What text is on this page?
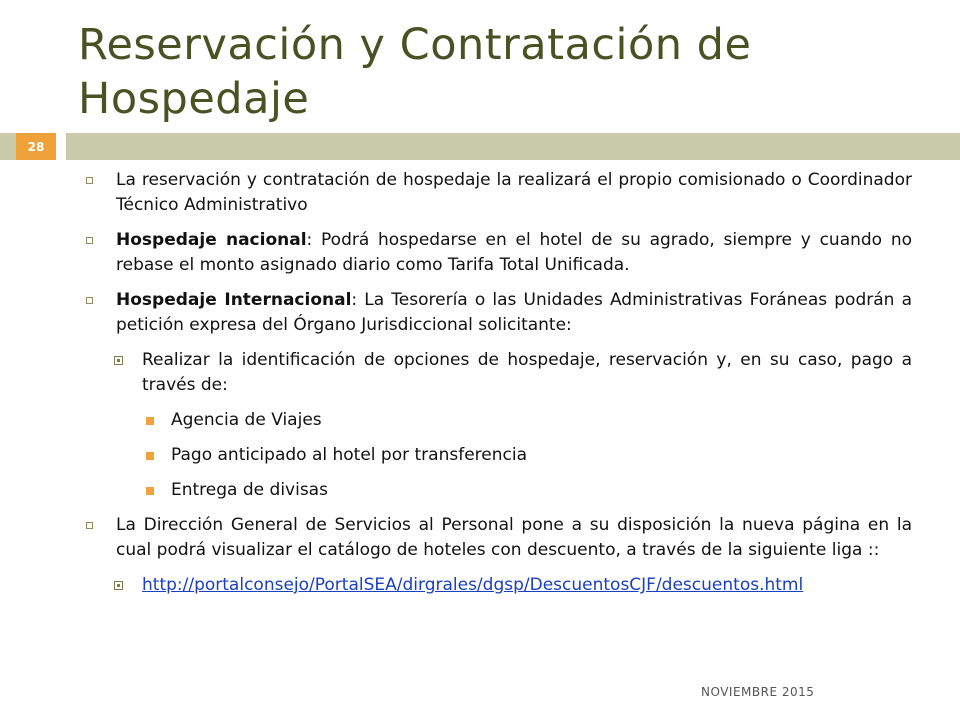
Reservación y Contratación de Hospedaje
28
La reservación y contratación de hospedaje la realizará el propio comisionado o Coordinador Técnico Administrativo
Hospedaje nacional: Podrá hospedarse en el hotel de su agrado, siempre y cuando no rebase el monto asignado diario como Tarifa Total Unificada.
Hospedaje Internacional: La Tesorería o las Unidades Administrativas Foráneas podrán a petición expresa del Órgano Jurisdiccional solicitante:
Realizar la identificación de opciones de hospedaje, reservación y, en su caso, pago a través de:
Agencia de Viajes
Pago anticipado al hotel por transferencia
Entrega de divisas
La Dirección General de Servicios al Personal pone a su disposición la nueva página en la cual podrá visualizar el catálogo de hoteles con descuento, a través de la siguiente liga ::
http://portalconsejo/PortalSEA/dirgrales/dgsp/DescuentosCJF/descuentos.html
NOVIEMBRE 2015
